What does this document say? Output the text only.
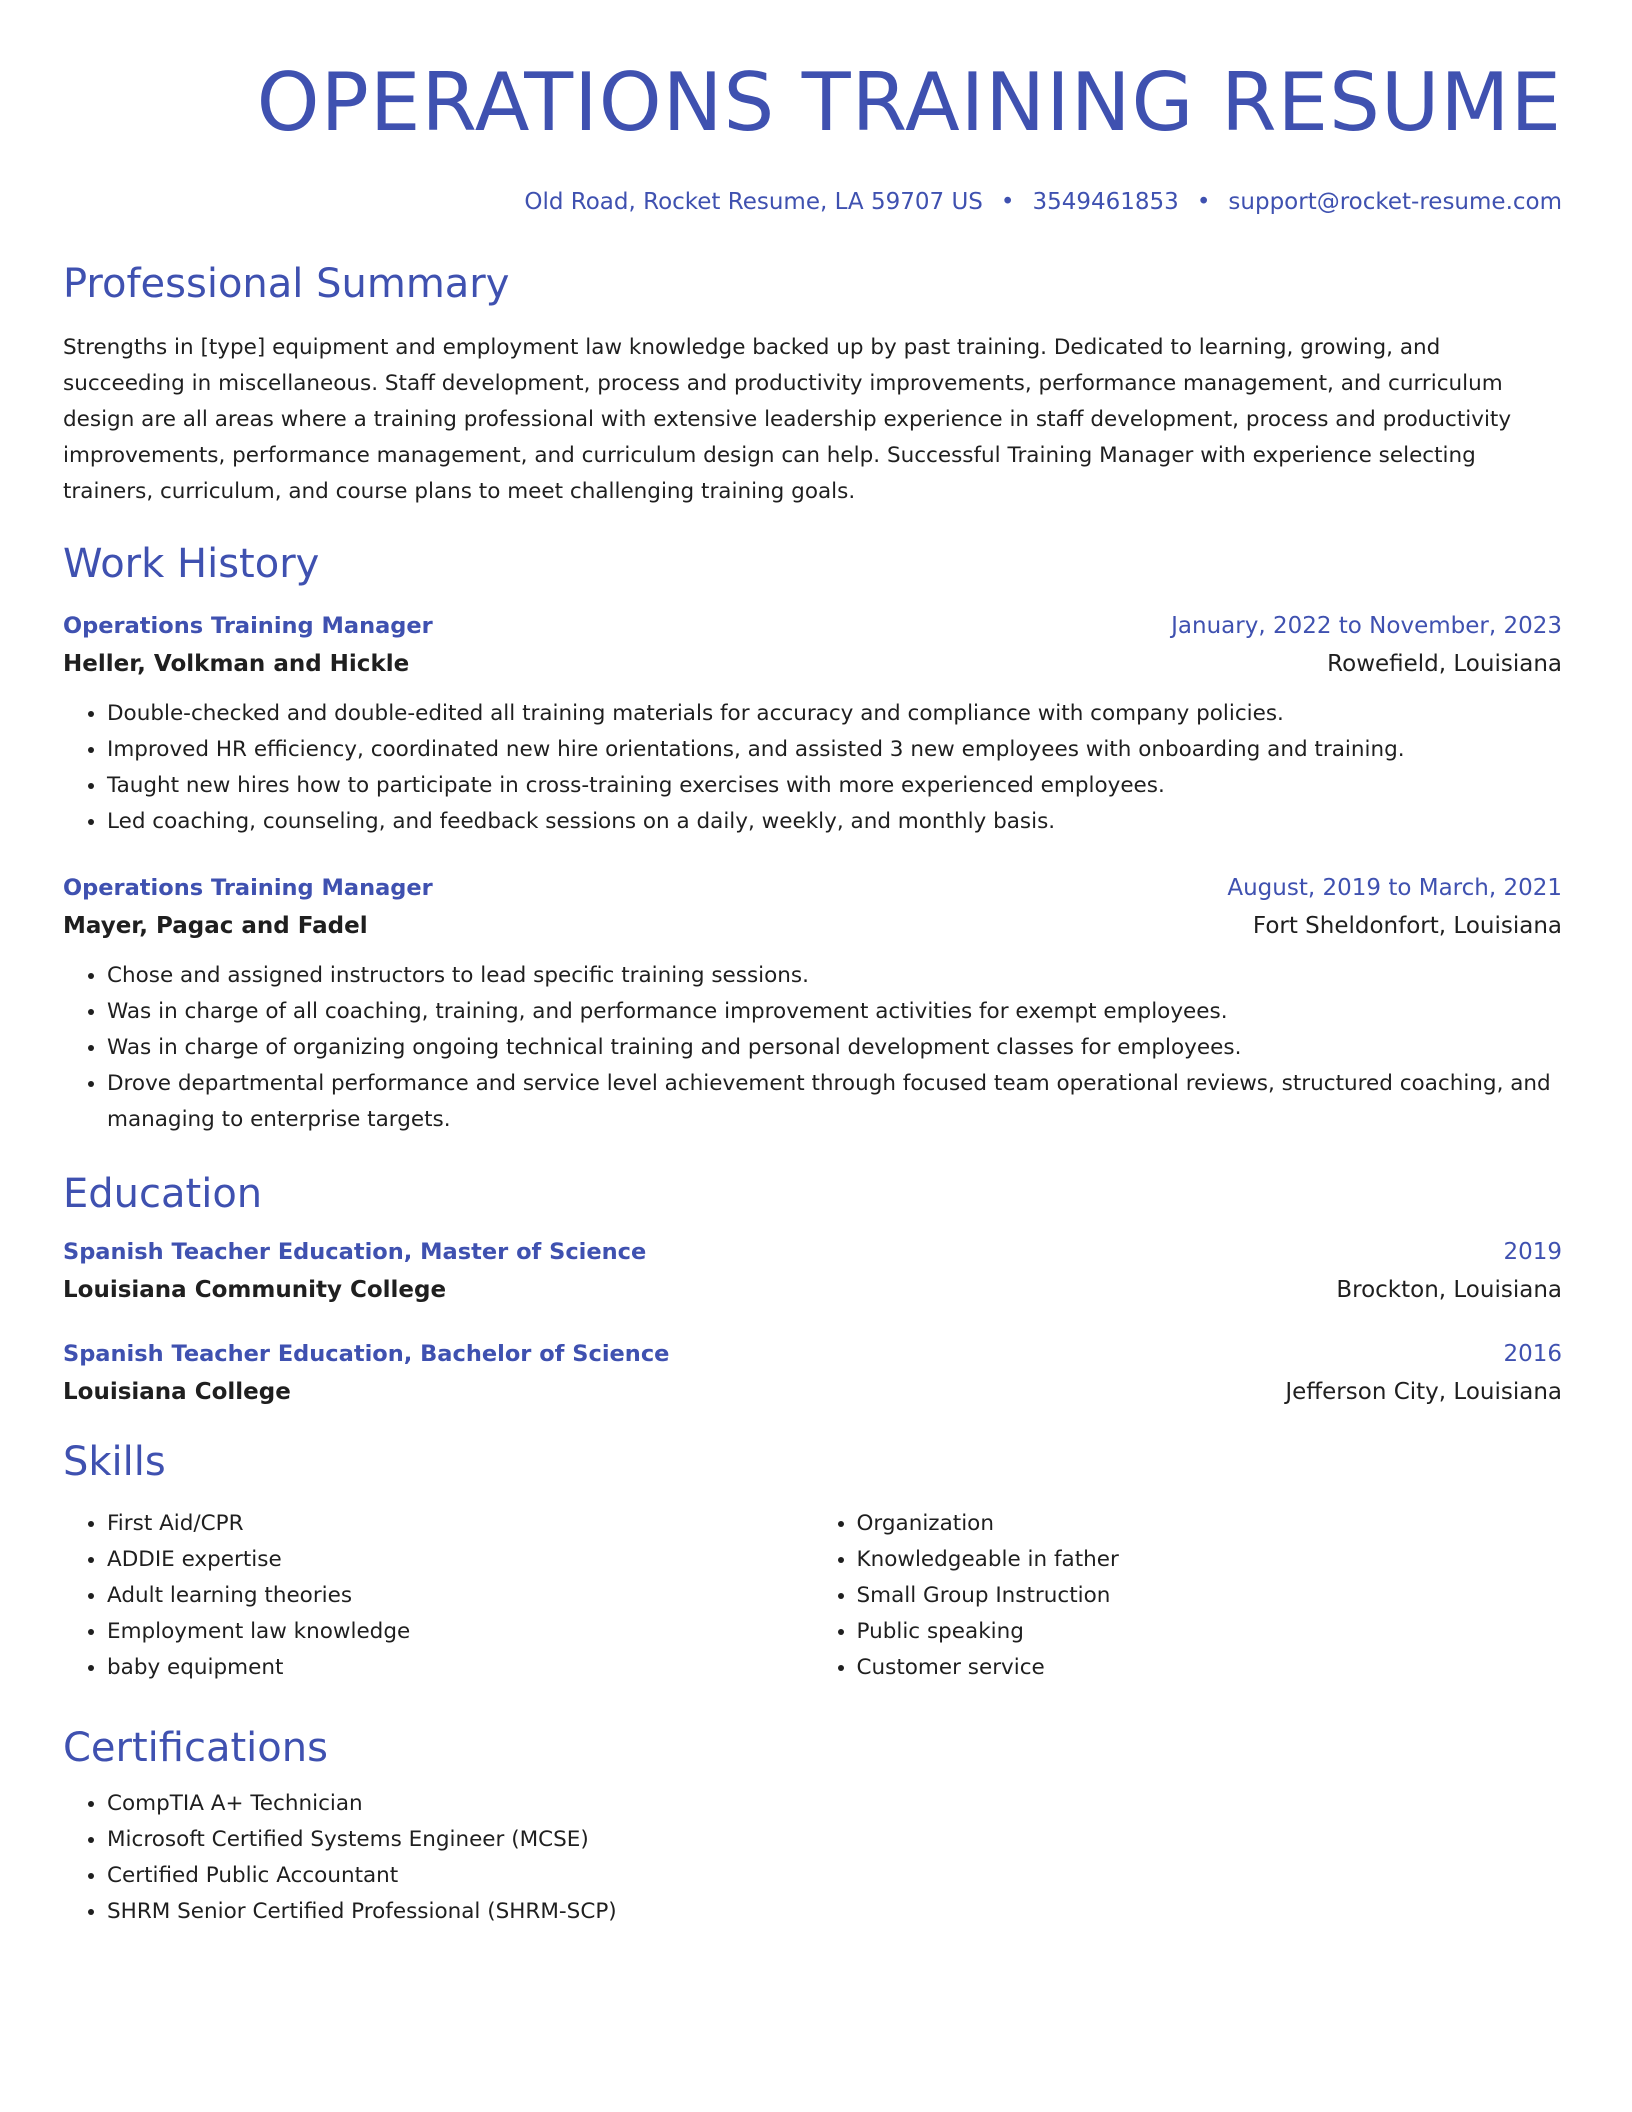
OPERATIONS TRAINING RESUME
Old Road, Rocket Resume, LA 59707 US • 3549461853 • support@rocket-resume.com
Professional Summary
Strengths in [type] equipment and employment law knowledge backed up by past training. Dedicated to learning, growing, and succeeding in miscellaneous. Staff development, process and productivity improvements, performance management, and curriculum design are all areas where a training professional with extensive leadership experience in staff development, process and productivity improvements, performance management, and curriculum design can help. Successful Training Manager with experience selecting trainers, curriculum, and course plans to meet challenging training goals.
Work History
Operations Training Manager	January, 2022 to November, 2023
Heller, Volkman and Hickle	Rowefield, Louisiana
• Double-checked and double-edited all training materials for accuracy and compliance with company policies.
• Improved HR efficiency, coordinated new hire orientations, and assisted 3 new employees with onboarding and training.
• Taught new hires how to participate in cross-training exercises with more experienced employees.
• Led coaching, counseling, and feedback sessions on a daily, weekly, and monthly basis.
Operations Training Manager	August, 2019 to March, 2021
Mayer, Pagac and Fadel	Fort Sheldonfort, Louisiana
• Chose and assigned instructors to lead specific training sessions.
• Was in charge of all coaching, training, and performance improvement activities for exempt employees.
• Was in charge of organizing ongoing technical training and personal development classes for employees.
• Drove departmental performance and service level achievement through focused team operational reviews, structured coaching, and managing to enterprise targets.
Education
Spanish Teacher Education, Master of Science	2019
Louisiana Community College	Brockton, Louisiana
Spanish Teacher Education, Bachelor of Science	2016
Louisiana College	Jefferson City, Louisiana
Skills
• First Aid/CPR
• ADDIE expertise
• Adult learning theories
• Employment law knowledge
• baby equipment
• Organization
• Knowledgeable in father
• Small Group Instruction
• Public speaking
• Customer service
Certifications
• CompTIA A+ Technician
• Microsoft Certified Systems Engineer (MCSE)
• Certified Public Accountant
• SHRM Senior Certified Professional (SHRM-SCP)
